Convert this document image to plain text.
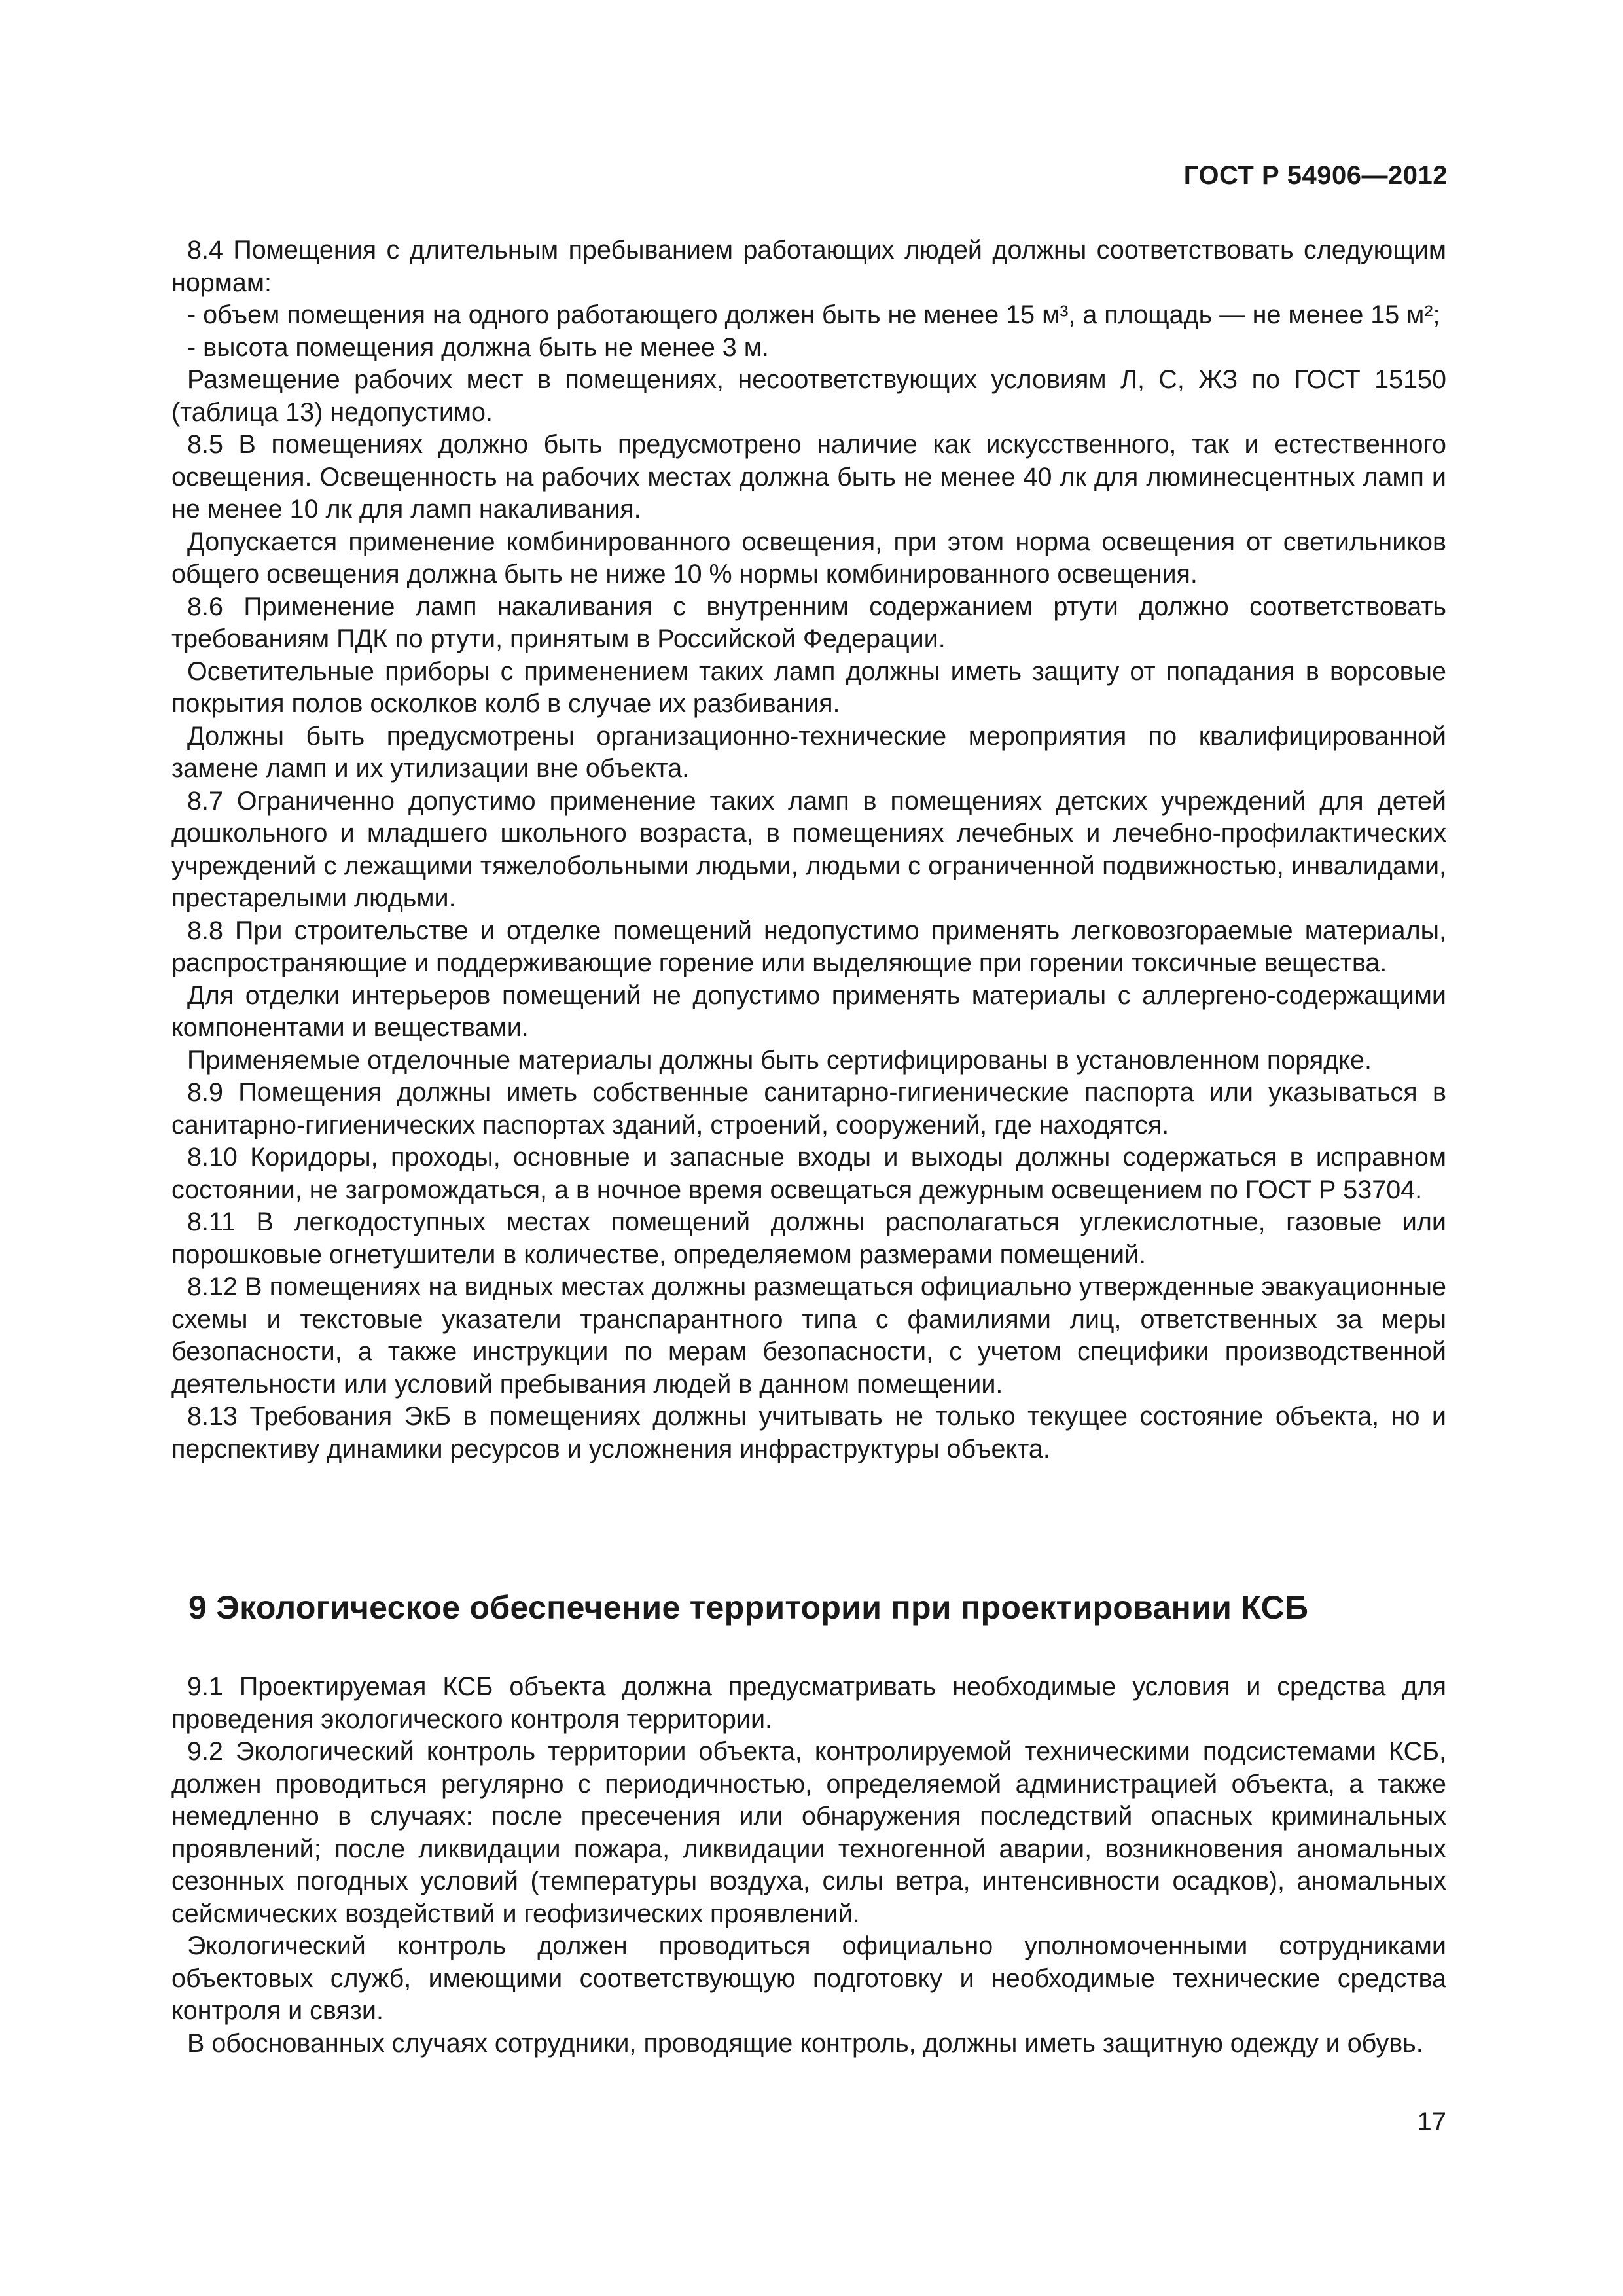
ГОСТ Р 54906—2012

8.4 Помещения с длительным пребыванием работающих людей должны соответствовать следующим нормам:

- объем помещения на одного работающего должен быть не менее 15 м³, а площадь — не менее 15 м²;

- высота помещения должна быть не менее 3 м.

Размещение рабочих мест в помещениях, несоответствующих условиям Л, С, ЖЗ по ГОСТ 15150 (таблица 13) недопустимо.

8.5 В помещениях должно быть предусмотрено наличие как искусственного, так и естественного освещения. Освещенность на рабочих местах должна быть не менее 40 лк для люминесцентных ламп и не менее 10 лк для ламп накаливания.

Допускается применение комбинированного освещения, при этом норма освещения от светильников общего освещения должна быть не ниже 10 % нормы комбинированного освещения.

8.6 Применение ламп накаливания с внутренним содержанием ртути должно соответствовать требованиям ПДК по ртути, принятым в Российской Федерации.

Осветительные приборы с применением таких ламп должны иметь защиту от попадания в ворсовые покрытия полов осколков колб в случае их разбивания.

Должны быть предусмотрены организационно-технические мероприятия по квалифицированной замене ламп и их утилизации вне объекта.

8.7 Ограниченно допустимо применение таких ламп в помещениях детских учреждений для детей дошкольного и младшего школьного возраста, в помещениях лечебных и лечебно-профилактических учреждений с лежащими тяжелобольными людьми, людьми с ограниченной подвижностью, инвалидами, престарелыми людьми.

8.8 При строительстве и отделке помещений недопустимо применять легковозгораемые материалы, распространяющие и поддерживающие горение или выделяющие при горении токсичные вещества.

Для отделки интерьеров помещений не допустимо применять материалы с аллергено-содержащими компонентами и веществами.

Применяемые отделочные материалы должны быть сертифицированы в установленном порядке.

8.9 Помещения должны иметь собственные санитарно-гигиенические паспорта или указываться в санитарно-гигиенических паспортах зданий, строений, сооружений, где находятся.

8.10 Коридоры, проходы, основные и запасные входы и выходы должны содержаться в исправном состоянии, не загромождаться, а в ночное время освещаться дежурным освещением по ГОСТ Р 53704.

8.11 В легкодоступных местах помещений должны располагаться углекислотные, газовые или порошковые огнетушители в количестве, определяемом размерами помещений.

8.12 В помещениях на видных местах должны размещаться официально утвержденные эвакуационные схемы и текстовые указатели транспарантного типа с фамилиями лиц, ответственных за меры безопасности, а также инструкции по мерам безопасности, с учетом специфики производственной деятельности или условий пребывания людей в данном помещении.

8.13 Требования ЭкБ в помещениях должны учитывать не только текущее состояние объекта, но и перспективу динамики ресурсов и усложнения инфраструктуры объекта.

9 Экологическое обеспечение территории при проектировании КСБ

9.1 Проектируемая КСБ объекта должна предусматривать необходимые условия и средства для проведения экологического контроля территории.

9.2 Экологический контроль территории объекта, контролируемой техническими подсистемами КСБ, должен проводиться регулярно с периодичностью, определяемой администрацией объекта, а также немедленно в случаях: после пресечения или обнаружения последствий опасных криминальных проявлений; после ликвидации пожара, ликвидации техногенной аварии, возникновения аномальных сезонных погодных условий (температуры воздуха, силы ветра, интенсивности осадков), аномальных сейсмических воздействий и геофизических проявлений.

Экологический контроль должен проводиться официально уполномоченными сотрудниками объектовых служб, имеющими соответствующую подготовку и необходимые технические средства контроля и связи.

В обоснованных случаях сотрудники, проводящие контроль, должны иметь защитную одежду и обувь.

17
